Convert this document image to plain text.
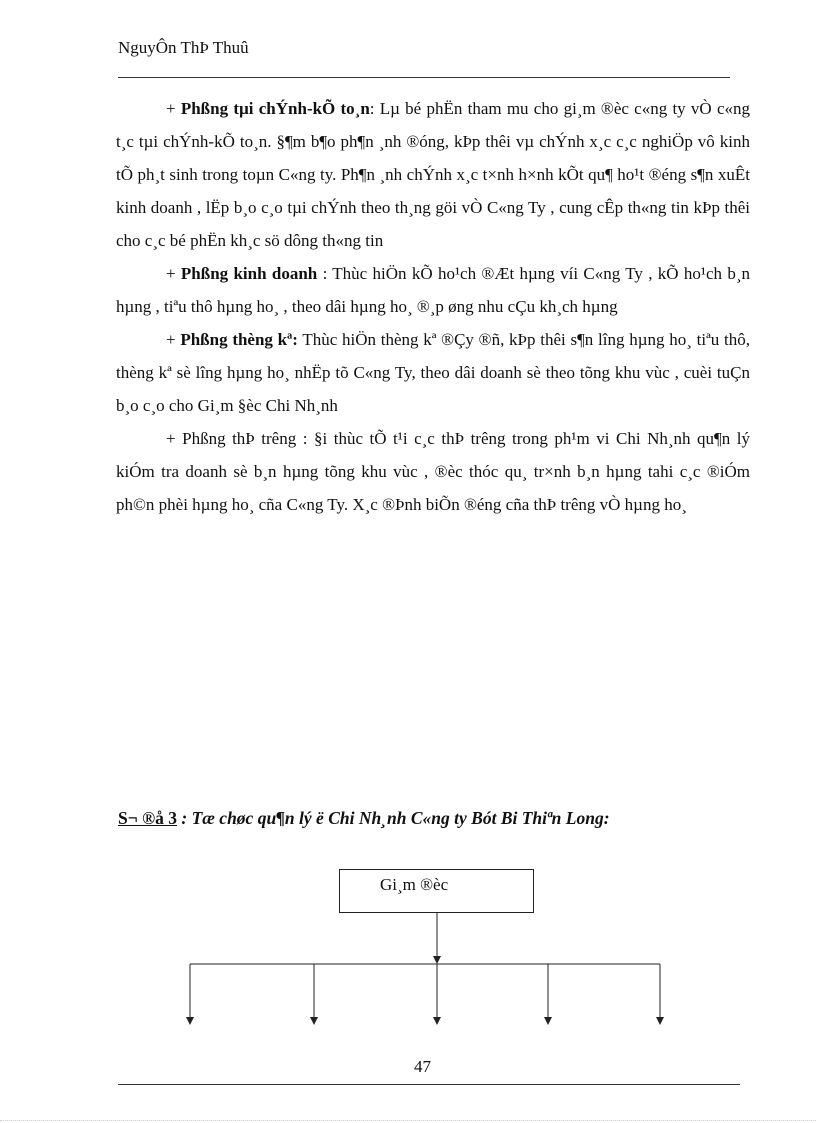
NguyÔn ThÞ Thuû

+ Phßng tµi chÝnh-kÕ to¸n: Lµ bé phËn tham mu cho gi¸m ®èc c«ng ty vÒ c«ng t¸c tµi chÝnh-kÕ to¸n. §¶m b¶o ph¶n ¸nh ®óng, kÞp thêi vµ chÝnh x¸c c¸c nghiÖp vô kinh tÕ ph¸t sinh trong toµn C«ng ty. Ph¶n ¸nh chÝnh x¸c t×nh h×nh kÕt qu¶ ho¹t ®éng s¶n xuÊt kinh doanh , lËp b¸o c¸o tµi chÝnh theo th¸ng göi vÒ C«ng Ty , cung cÊp th«ng tin kÞp thêi cho c¸c bé phËn kh¸c sö dông th«ng tin

+ Phßng kinh doanh : Thùc hiÖn kÕ ho¹ch ®Æt hµng víi C«ng Ty , kÕ ho¹ch b¸n hµng , tiªu thô hµng ho¸ , theo dâi hµng ho¸ ®¸p øng nhu cÇu kh¸ch hµng

+ Phßng thèng kª: Thùc hiÖn thèng kª ®Çy ®ñ, kÞp thêi s¶n lîng hµng ho¸ tiªu thô, thèng kª sè lîng hµng ho¸ nhËp tõ C«ng Ty, theo dâi doanh sè theo tõng khu vùc , cuèi tuÇn b¸o c¸o cho Gi¸m §èc Chi Nh¸nh

+ Phßng thÞ trêng : §i thùc tÕ t¹i c¸c thÞ trêng trong ph¹m vi Chi Nh¸nh qu¶n lý kiÓm tra doanh sè b¸n hµng tõng khu vùc , ®èc thóc qu¸ tr×nh b¸n hµng tahi c¸c ®iÓm ph©n phèi hµng ho¸ cña C«ng Ty. X¸c ®Þnh biÕn ®éng cña thÞ trêng vÒ hµng ho¸

S¬ ®å 3 : Tæ chøc qu¶n lý ë Chi Nh¸nh C«ng ty Bót Bi Thiªn Long:
Gi¸m ®èc
47
